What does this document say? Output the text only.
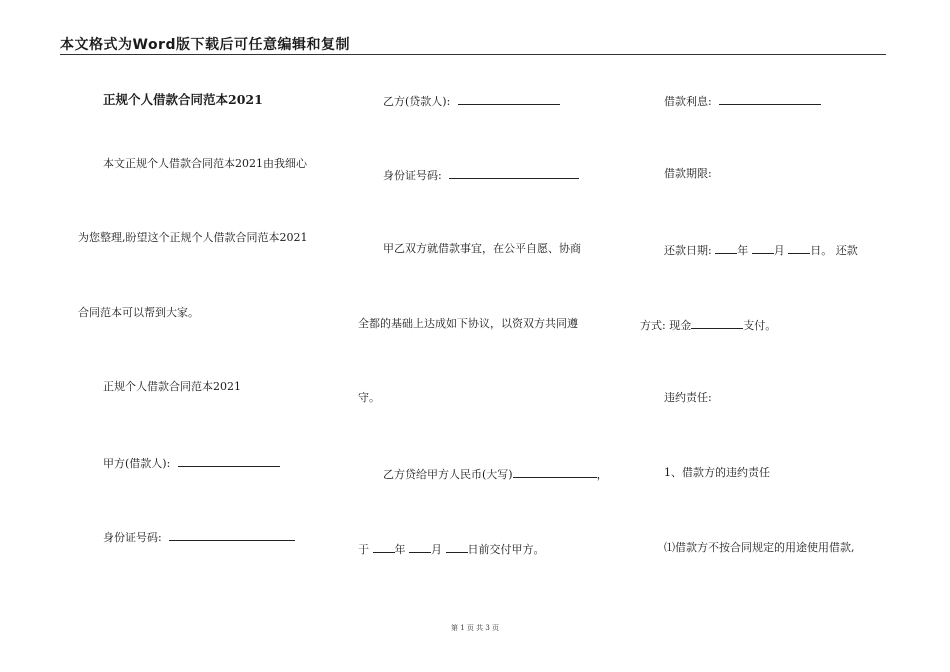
本文格式为Word版下载后可任意编辑和复制
正规个人借款合同范本2021
本文正规个人借款合同范本2021由我细心
为您整理,盼望这个正规个人借款合同范本2021
合同范本可以帮到大家。
正规个人借款合同范本2021
甲方(借款人):
身份证号码:
乙方(贷款人):
身份证号码:
甲乙双方就借款事宜，在公平自愿、协商
全都的基础上达成如下协议，以资双方共同遵
守。
乙方贷给甲方人民币(大写)	，
于 年 月 日前交付甲方。
借款利息:
借款期限:
还款日期: 年 月 日。 还款
方式: 现金	支付。
违约责任:
1、借款方的违约责任
⑴借款方不按合同规定的用途使用借款,
第 1 页 共 3 页
